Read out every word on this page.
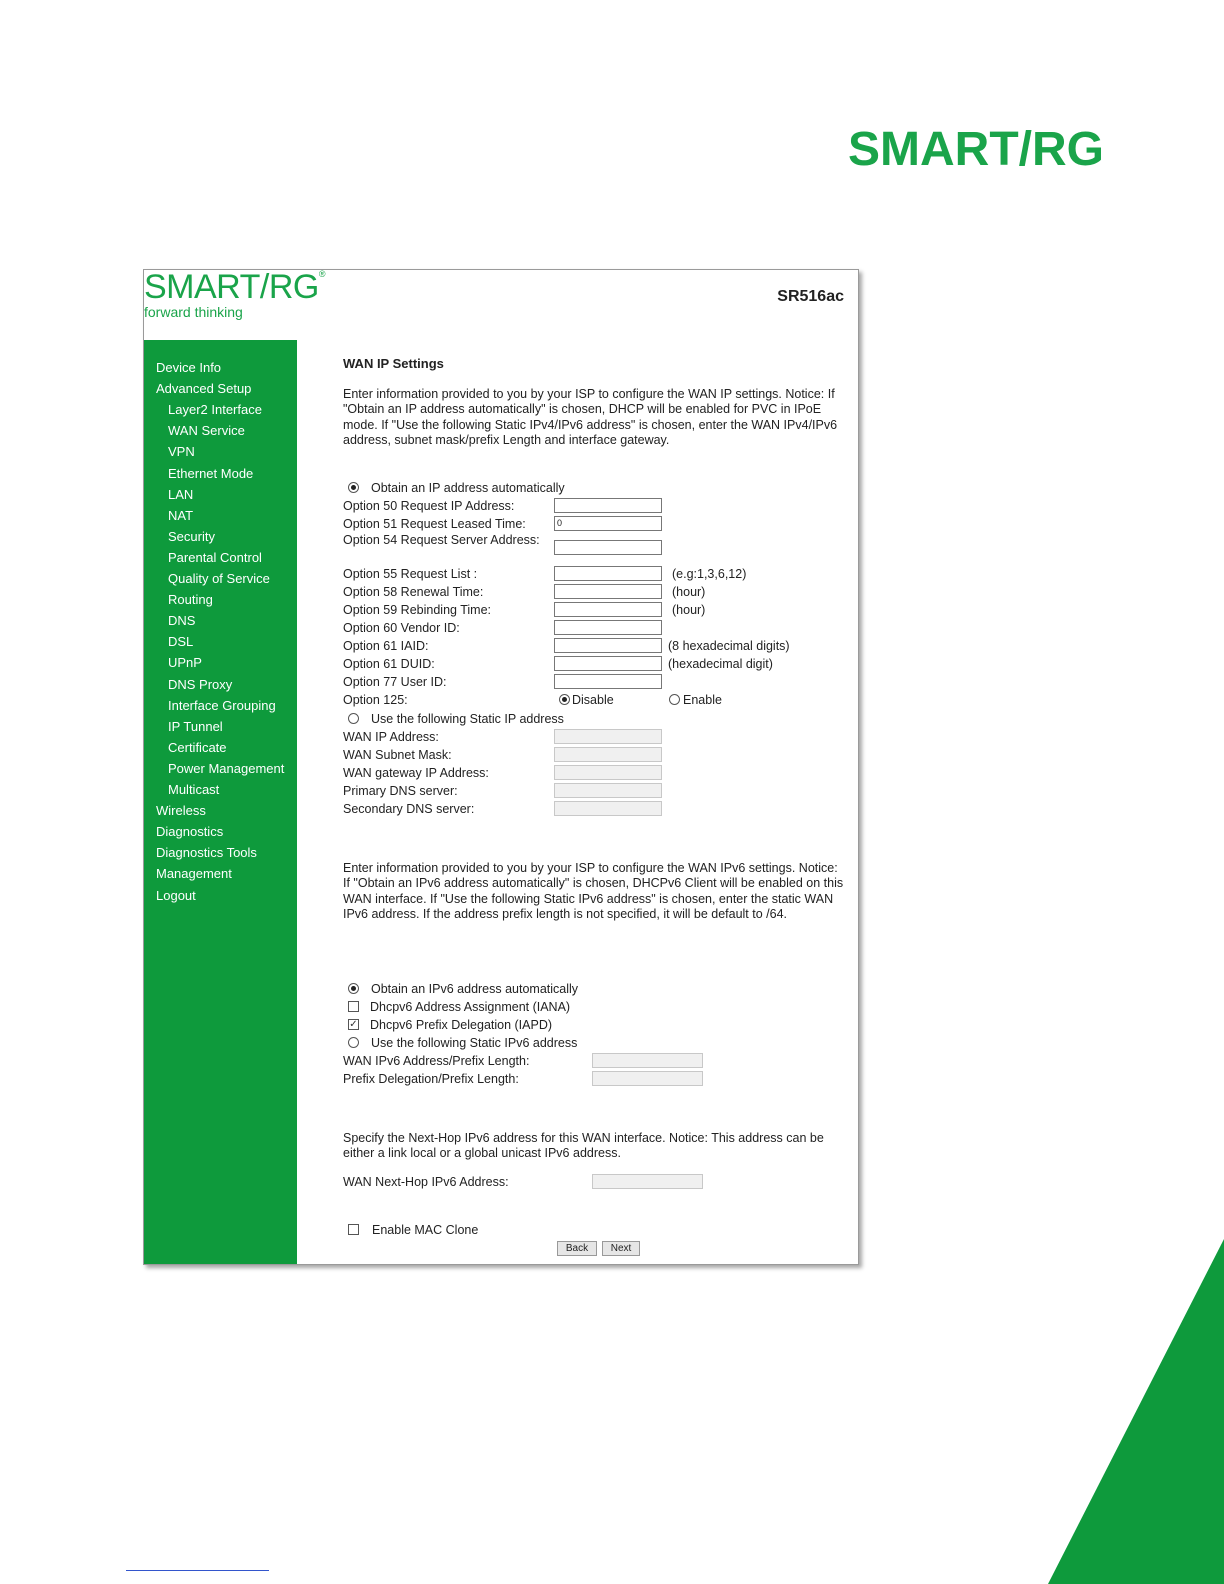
SMART/RG
SMART/RG®
forward thinking
SR516ac
Device Info
Advanced Setup
Layer2 Interface
WAN Service
VPN
Ethernet Mode
LAN
NAT
Security
Parental Control
Quality of Service
Routing
DNS
DSL
UPnP
DNS Proxy
Interface Grouping
IP Tunnel
Certificate
Power Management
Multicast
Wireless
Diagnostics
Diagnostics Tools
Management
Logout
WAN IP Settings
Enter information provided to you by your ISP to configure the WAN IP settings. Notice: If "Obtain an IP address automatically" is chosen, DHCP will be enabled for PVC in IPoE mode. If "Use the following Static IPv4/IPv6 address" is chosen, enter the WAN IPv4/IPv6 address, subnet mask/prefix Length and interface gateway.
Obtain an IP address automatically
Option 50 Request IP Address:
Option 51 Request Leased Time:	0
Option 54 Request Server Address:
Option 55 Request List :	(e.g:1,3,6,12)
Option 58 Renewal Time:	(hour)
Option 59 Rebinding Time:	(hour)
Option 60 Vendor ID:
Option 61 IAID:	(8 hexadecimal digits)
Option 61 DUID:	(hexadecimal digit)
Option 77 User ID:
Option 125:	Disable	Enable
Use the following Static IP address
WAN IP Address:
WAN Subnet Mask:
WAN gateway IP Address:
Primary DNS server:
Secondary DNS server:
Enter information provided to you by your ISP to configure the WAN IPv6 settings. Notice: If "Obtain an IPv6 address automatically" is chosen, DHCPv6 Client will be enabled on this WAN interface. If "Use the following Static IPv6 address" is chosen, enter the static WAN IPv6 address. If the address prefix length is not specified, it will be default to /64.
Obtain an IPv6 address automatically
Dhcpv6 Address Assignment (IANA)
✓ Dhcpv6 Prefix Delegation (IAPD)
Use the following Static IPv6 address
WAN IPv6 Address/Prefix Length:
Prefix Delegation/Prefix Length:
Specify the Next-Hop IPv6 address for this WAN interface. Notice: This address can be either a link local or a global unicast IPv6 address.
WAN Next-Hop IPv6 Address:
Enable MAC Clone
Back	Next
